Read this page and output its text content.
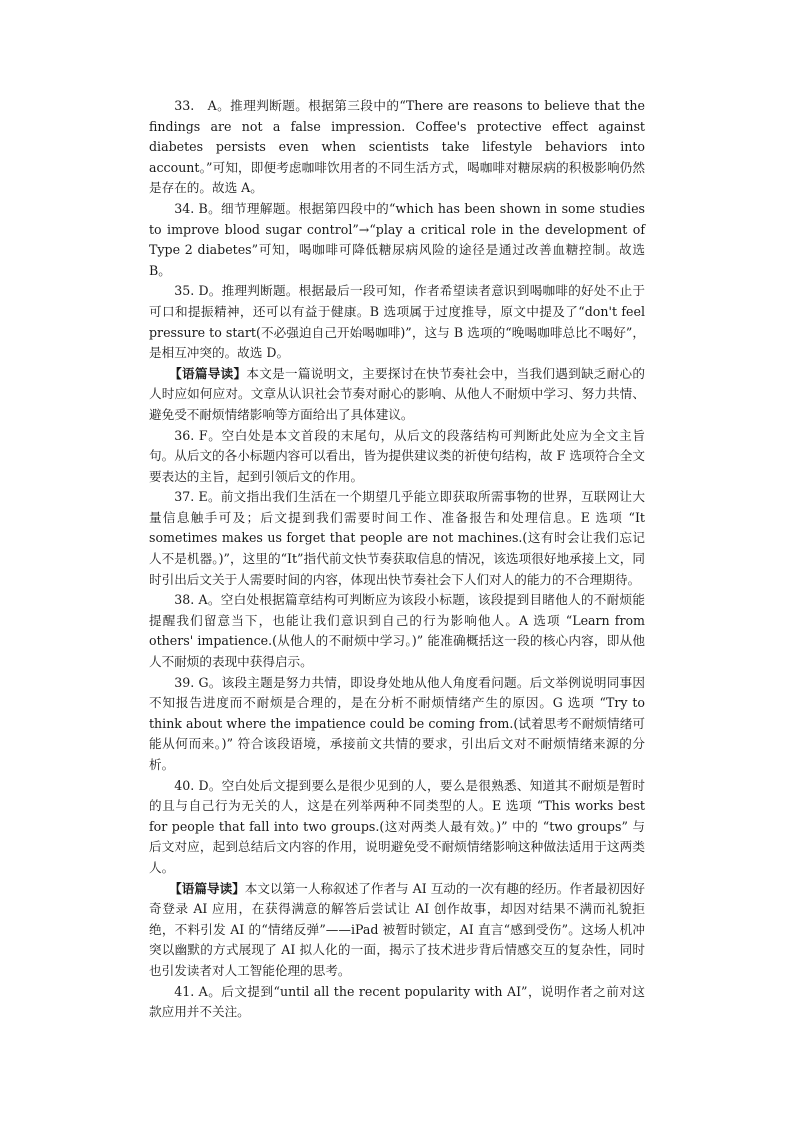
33.　A。推理判断题。根据第三段中的“There are reasons to believe that the findings are not a false impression. Coffee's protective effect against diabetes persists even when scientists take lifestyle behaviors into account。”可知，即便考虑咖啡饮用者的不同生活方式，喝咖啡对糖尿病的积极影响仍然是存在的。故选 A。

34. B。细节理解题。根据第四段中的“which has been shown in some studies to improve blood sugar control”→“play a critical role in the development of Type 2 diabetes”可知，喝咖啡可降低糖尿病风险的途径是通过改善血糖控制。故选 B。

35. D。推理判断题。根据最后一段可知，作者希望读者意识到喝咖啡的好处不止于可口和提振精神，还可以有益于健康。B 选项属于过度推导，原文中提及了“don't feel pressure to start(不必强迫自己开始喝咖啡)”，这与 B 选项的“晚喝咖啡总比不喝好”，是相互冲突的。故选 D。

【语篇导读】本文是一篇说明文，主要探讨在快节奏社会中，当我们遇到缺乏耐心的人时应如何应对。文章从认识社会节奏对耐心的影响、从他人不耐烦中学习、努力共情、避免受不耐烦情绪影响等方面给出了具体建议。

36. F。空白处是本文首段的末尾句，从后文的段落结构可判断此处应为全文主旨句。从后文的各小标题内容可以看出，皆为提供建议类的祈使句结构，故 F 选项符合全文要表达的主旨，起到引领后文的作用。

37. E。前文指出我们生活在一个期望几乎能立即获取所需事物的世界，互联网让大量信息触手可及；后文提到我们需要时间工作、准备报告和处理信息。E 选项 “It sometimes makes us forget that people are not machines.(这有时会让我们忘记人不是机器。)”，这里的“It”指代前文快节奏获取信息的情况，该选项很好地承接上文，同时引出后文关于人需要时间的内容，体现出快节奏社会下人们对人的能力的不合理期待。

38. A。空白处根据篇章结构可判断应为该段小标题，该段提到目睹他人的不耐烦能提醒我们留意当下，也能让我们意识到自己的行为影响他人。A 选项 “Learn from others' impatience.(从他人的不耐烦中学习。)” 能准确概括这一段的核心内容，即从他人不耐烦的表现中获得启示。

39. G。该段主题是努力共情，即设身处地从他人角度看问题。后文举例说明同事因不知报告进度而不耐烦是合理的，是在分析不耐烦情绪产生的原因。G 选项 “Try to think about where the impatience could be coming from.(试着思考不耐烦情绪可能从何而来。)” 符合该段语境，承接前文共情的要求，引出后文对不耐烦情绪来源的分析。

40. D。空白处后文提到要么是很少见到的人，要么是很熟悉、知道其不耐烦是暂时的且与自己行为无关的人，这是在列举两种不同类型的人。E 选项 “This works best for people that fall into two groups.(这对两类人最有效。)” 中的 “two groups” 与后文对应，起到总结后文内容的作用，说明避免受不耐烦情绪影响这种做法适用于这两类人。

【语篇导读】本文以第一人称叙述了作者与 AI 互动的一次有趣的经历。作者最初因好奇登录 AI 应用，在获得满意的解答后尝试让 AI 创作故事，却因对结果不满而礼貌拒绝，不料引发 AI 的“情绪反弹”——iPad 被暂时锁定，AI 直言“感到受伤”。这场人机冲突以幽默的方式展现了 AI 拟人化的一面，揭示了技术进步背后情感交互的复杂性，同时也引发读者对人工智能伦理的思考。

41. A。后文提到“until all the recent popularity with AI”，说明作者之前对这款应用并不关注。
